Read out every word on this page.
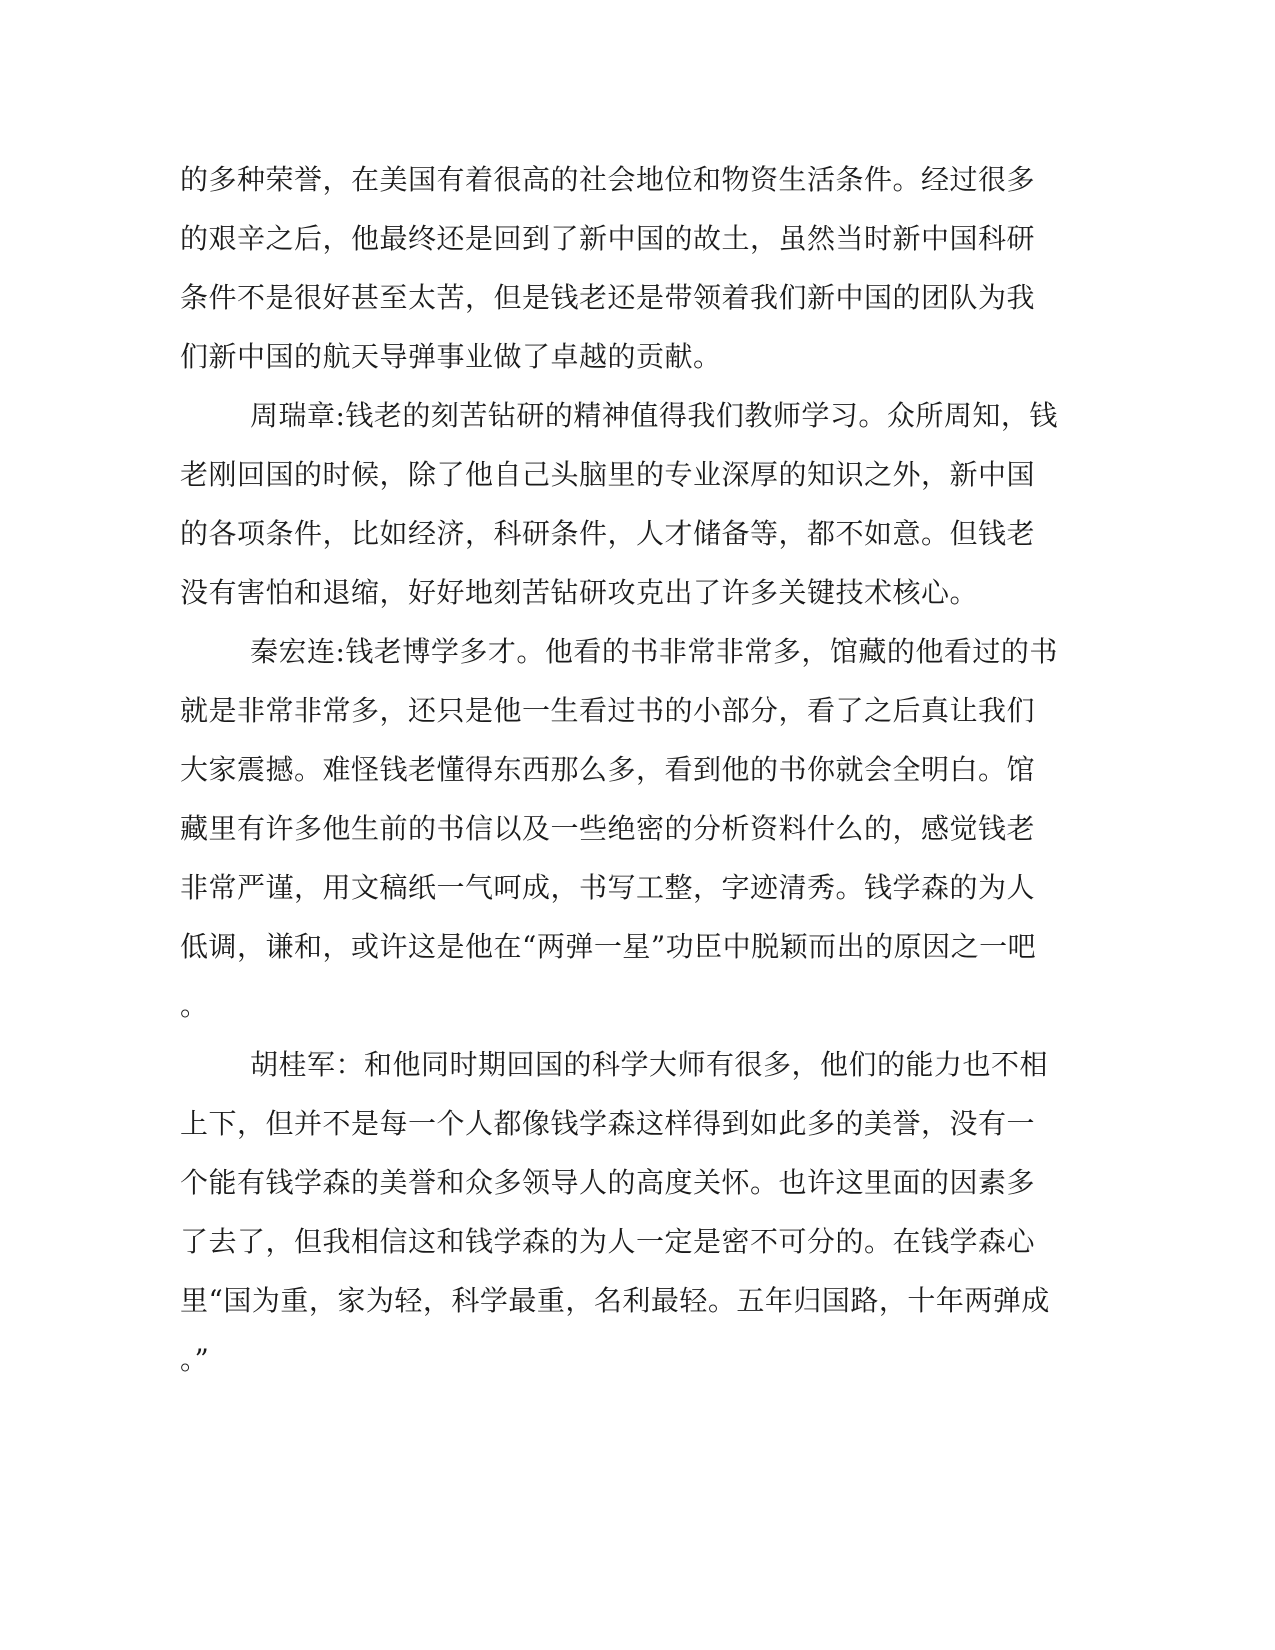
的多种荣誉，在美国有着很高的社会地位和物资生活条件。经过很多
的艰辛之后，他最终还是回到了新中国的故土，虽然当时新中国科研
条件不是很好甚至太苦，但是钱老还是带领着我们新中国的团队为我
们新中国的航天导弹事业做了卓越的贡献。
周瑞章:钱老的刻苦钻研的精神值得我们教师学习。众所周知，钱
老刚回国的时候，除了他自己头脑里的专业深厚的知识之外，新中国
的各项条件，比如经济，科研条件，人才储备等，都不如意。但钱老
没有害怕和退缩，好好地刻苦钻研攻克出了许多关键技术核心。
秦宏连:钱老博学多才。他看的书非常非常多，馆藏的他看过的书
就是非常非常多，还只是他一生看过书的小部分，看了之后真让我们
大家震撼。难怪钱老懂得东西那么多，看到他的书你就会全明白。馆
藏里有许多他生前的书信以及一些绝密的分析资料什么的，感觉钱老
非常严谨，用文稿纸一气呵成，书写工整，字迹清秀。钱学森的为人
低调，谦和，或许这是他在“两弹一星”功臣中脱颖而出的原因之一吧
。
胡桂军：和他同时期回国的科学大师有很多，他们的能力也不相
上下，但并不是每一个人都像钱学森这样得到如此多的美誉，没有一
个能有钱学森的美誉和众多领导人的高度关怀。也许这里面的因素多
了去了，但我相信这和钱学森的为人一定是密不可分的。在钱学森心
里“国为重，家为轻，科学最重，名利最轻。五年归国路，十年两弹成
。”
